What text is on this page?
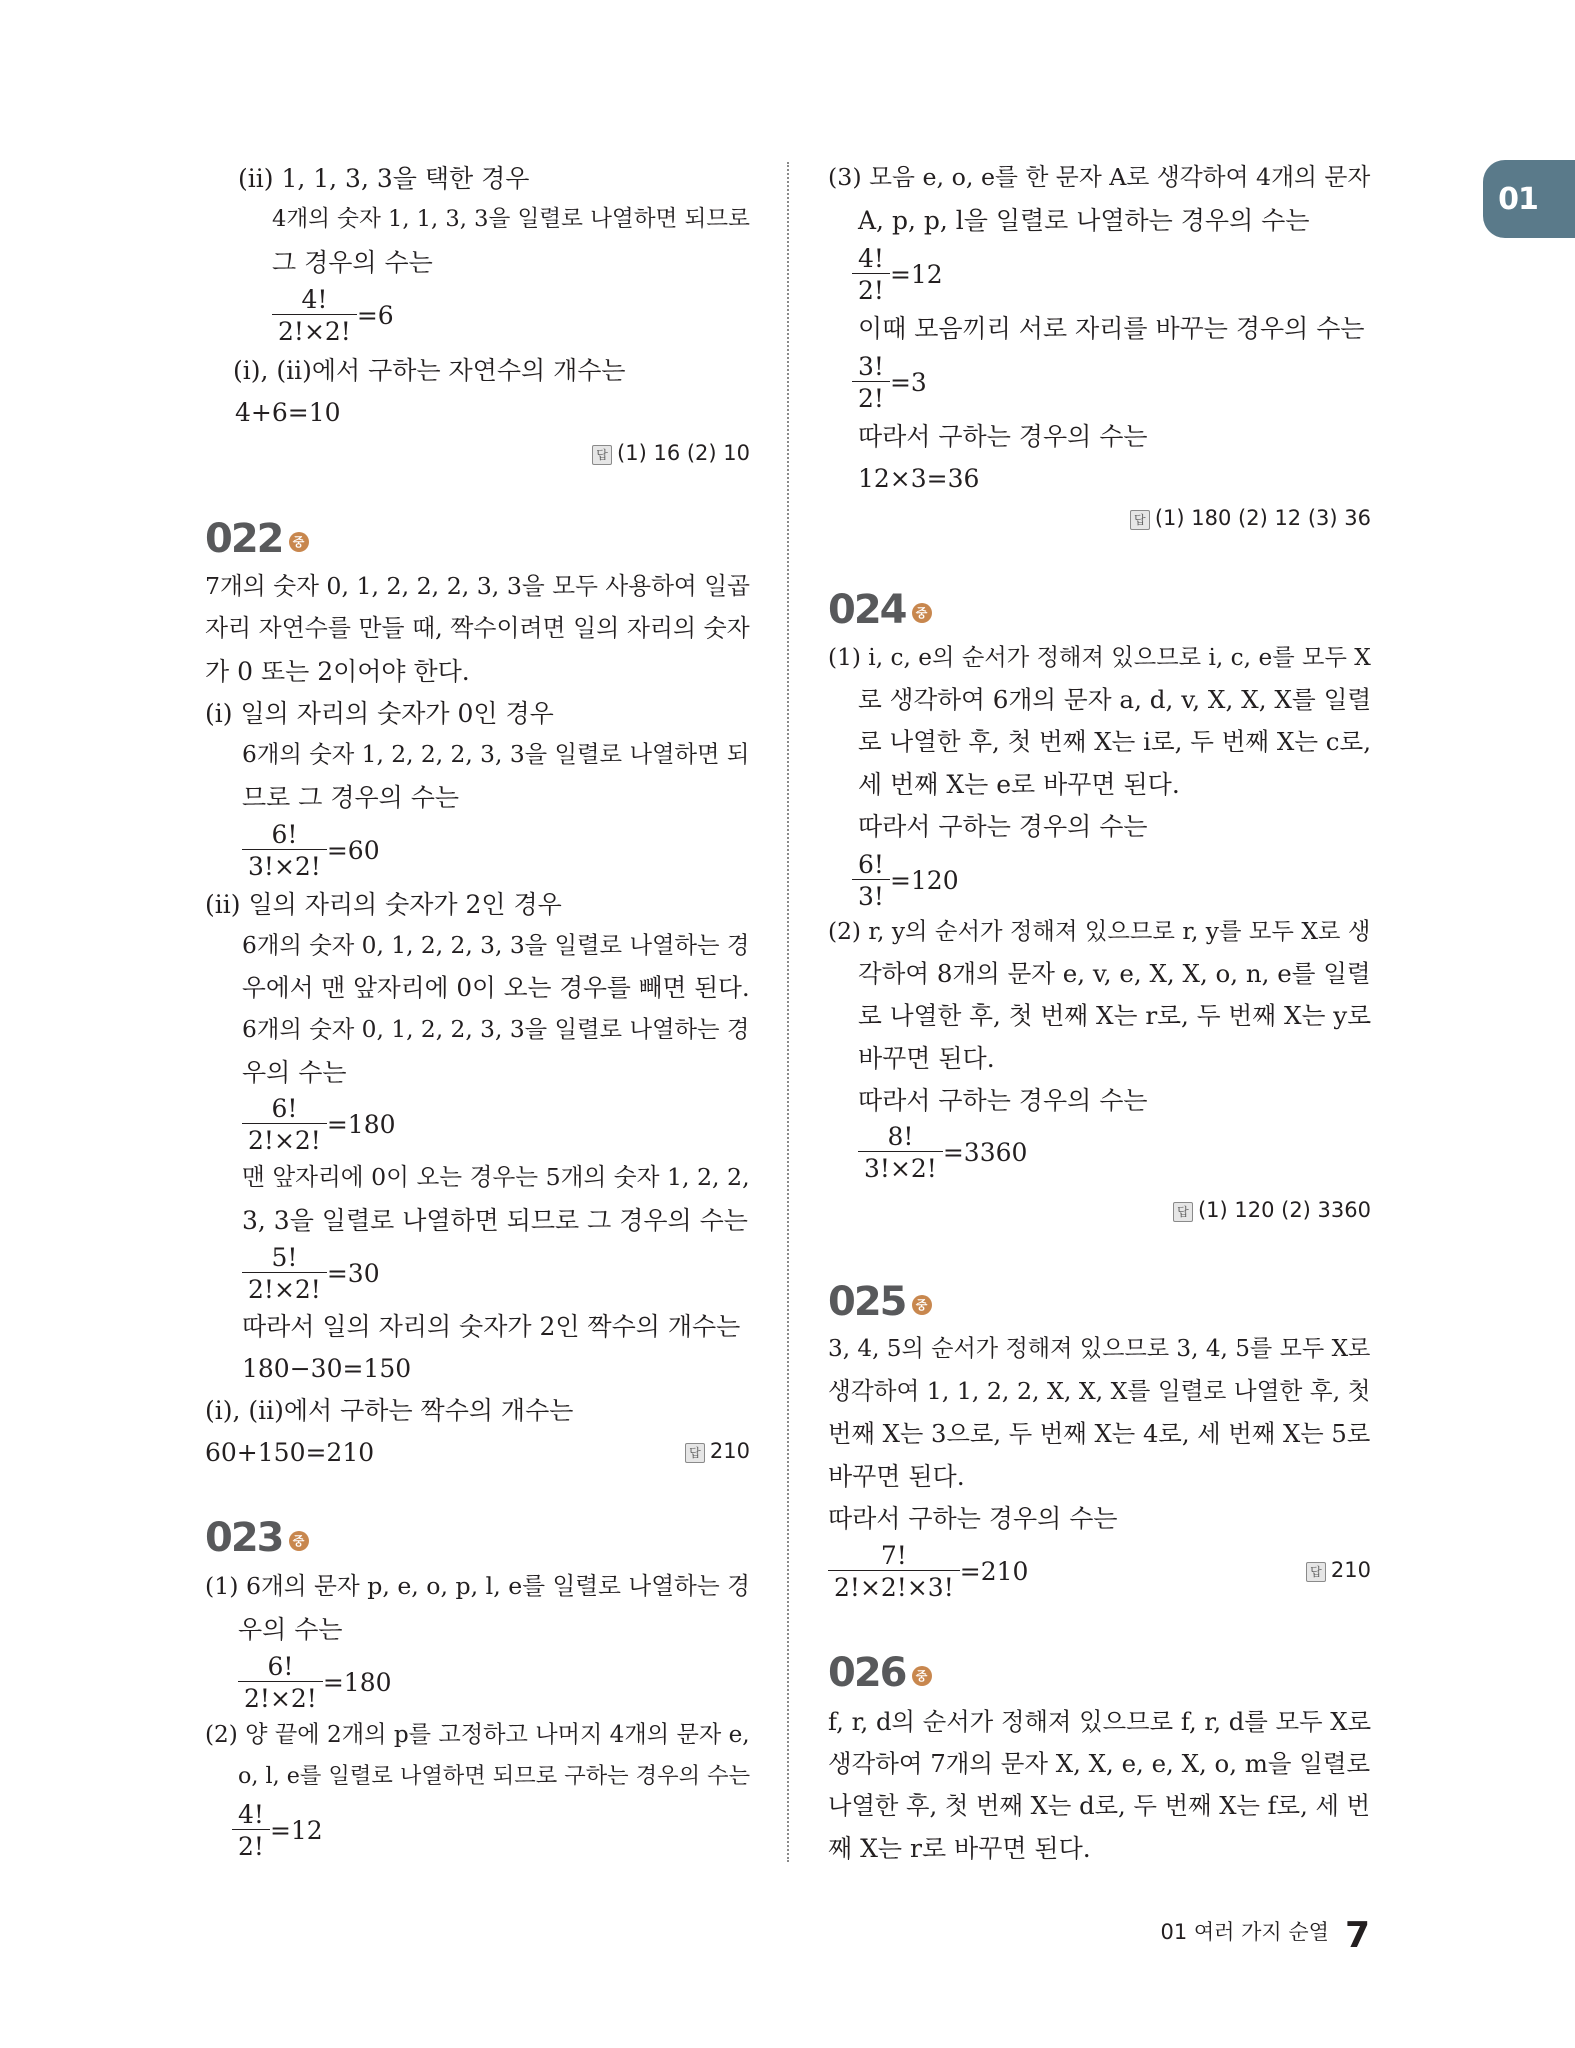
01
(ⅱ) 1, 1, 3, 3을 택한 경우
4개의 숫자 1, 1, 3, 3을 일렬로 나열하면 되므로
그 경우의 수는
$\frac{4!}{2!\times 2!} =6$
(ⅰ), (ⅱ)에서 구하는 자연수의 개수는
4+6=10
답 (1) 16 (2) 10
022 중
7개의 숫자 0, 1, 2, 2, 2, 3, 3을 모두 사용하여 일곱
자리 자연수를 만들 때, 짝수이려면 일의 자리의 숫자
가 0 또는 2이어야 한다.
(ⅰ) 일의 자리의 숫자가 0인 경우
6개의 숫자 1, 2, 2, 2, 3, 3을 일렬로 나열하면 되
므로 그 경우의 수는
$\frac{6!}{3!\times 2!} =60$
(ⅱ) 일의 자리의 숫자가 2인 경우
6개의 숫자 0, 1, 2, 2, 3, 3을 일렬로 나열하는 경
우에서 맨 앞자리에 0이 오는 경우를 빼면 된다.
6개의 숫자 0, 1, 2, 2, 3, 3을 일렬로 나열하는 경
우의 수는
$\frac{6!}{2!\times 2!} =180$
맨 앞자리에 0이 오는 경우는 5개의 숫자 1, 2, 2,
3, 3을 일렬로 나열하면 되므로 그 경우의 수는
$\frac{5!}{2!\times 2!} =30$
따라서 일의 자리의 숫자가 2인 짝수의 개수는
180−30=150
(ⅰ), (ⅱ)에서 구하는 짝수의 개수는
60+150=210	답 210
023 중
(1) 6개의 문자 p, e, o, p, l, e를 일렬로 나열하는 경
우의 수는
$\frac{6!}{2!\times 2!} =180$
(2) 양 끝에 2개의 p를 고정하고 나머지 4개의 문자 e,
o, l, e를 일렬로 나열하면 되므로 구하는 경우의 수는
$\frac{4!}{2!} =12$
(3) 모음 e, o, e를 한 문자 A로 생각하여 4개의 문자
A, p, p, l을 일렬로 나열하는 경우의 수는
$\frac{4!}{2!} =12$
이때 모음끼리 서로 자리를 바꾸는 경우의 수는
$\frac{3!}{2!} =3$
따라서 구하는 경우의 수는
12×3=36
답 (1) 180 (2) 12 (3) 36
024 중
(1) i, c, e의 순서가 정해져 있으므로 i, c, e를 모두 X
로 생각하여 6개의 문자 a, d, v, X, X, X를 일렬
로 나열한 후, 첫 번째 X는 i로, 두 번째 X는 c로,
세 번째 X는 e로 바꾸면 된다.
따라서 구하는 경우의 수는
$\frac{6!}{3!} =120$
(2) r, y의 순서가 정해져 있으므로 r, y를 모두 X로 생
각하여 8개의 문자 e, v, e, X, X, o, n, e를 일렬
로 나열한 후, 첫 번째 X는 r로, 두 번째 X는 y로
바꾸면 된다.
따라서 구하는 경우의 수는
$\frac{8!}{3!\times 2!} =3360$
답 (1) 120 (2) 3360
025 중
3, 4, 5의 순서가 정해져 있으므로 3, 4, 5를 모두 X로
생각하여 1, 1, 2, 2, X, X, X를 일렬로 나열한 후, 첫
번째 X는 3으로, 두 번째 X는 4로, 세 번째 X는 5로
바꾸면 된다.
따라서 구하는 경우의 수는
$\frac{7!}{2!\times 2!\times 3!} =210$	답 210
026 중
f, r, d의 순서가 정해져 있으므로 f, r, d를 모두 X로
생각하여 7개의 문자 X, X, e, e, X, o, m을 일렬로
나열한 후, 첫 번째 X는 d로, 두 번째 X는 f로, 세 번
째 X는 r로 바꾸면 된다.
$^{01 여러 가지 순열}$ 7
